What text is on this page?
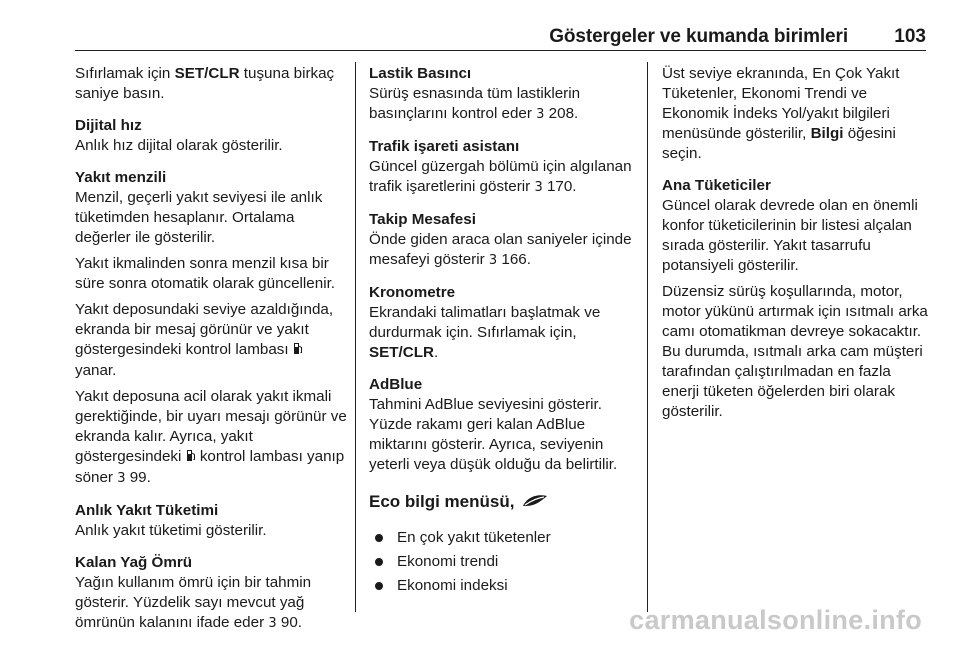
Göstergeler ve kumanda birimleri 103

Sıfırlamak için SET/CLR tuşuna birkaç saniye basın.

Dijital hız
Anlık hız dijital olarak gösterilir.

Yakıt menzili
Menzil, geçerli yakıt seviyesi ile anlık tüketimden hesaplanır. Ortalama değerler ile gösterilir.

Yakıt ikmalinden sonra menzil kısa bir süre sonra otomatik olarak güncellenir.

Yakıt deposundaki seviye azaldığında, ekranda bir mesaj görünür ve yakıt göstergesindeki kontrol lambası  yanar.

Yakıt deposuna acil olarak yakıt ikmali gerektiğinde, bir uyarı mesajı görünür ve ekranda kalır. Ayrıca, yakıt göstergesindeki  kontrol lambası yanıp söner 3 99.

Anlık Yakıt Tüketimi
Anlık yakıt tüketimi gösterilir.

Kalan Yağ Ömrü
Yağın kullanım ömrü için bir tahmin gösterir. Yüzdelik sayı mevcut yağ ömrünün kalanını ifade eder 3 90.

Lastik Basıncı
Sürüş esnasında tüm lastiklerin basınçlarını kontrol eder 3 208.

Trafik işareti asistanı
Güncel güzergah bölümü için algılanan trafik işaretlerini gösterir 3 170.

Takip Mesafesi
Önde giden araca olan saniyeler içinde mesafeyi gösterir 3 166.

Kronometre
Ekrandaki talimatları başlatmak ve durdurmak için. Sıfırlamak için, SET/CLR.

AdBlue
Tahmini AdBlue seviyesini gösterir. Yüzde rakamı geri kalan AdBlue miktarını gösterir. Ayrıca, seviyenin yeterli veya düşük olduğu da belirtilir.

Eco bilgi menüsü,
En çok yakıt tüketenler
Ekonomi trendi
Ekonomi indeksi

Üst seviye ekranında, En Çok Yakıt Tüketenler, Ekonomi Trendi ve Ekonomik İndeks Yol/yakıt bilgileri menüsünde gösterilir, Bilgi öğesini seçin.

Ana Tüketiciler
Güncel olarak devrede olan en önemli konfor tüketicilerinin bir listesi alçalan sırada gösterilir. Yakıt tasarrufu potansiyeli gösterilir.

Düzensiz sürüş koşullarında, motor, motor yükünü artırmak için ısıtmalı arka camı otomatikman devreye sokacaktır. Bu durumda, ısıtmalı arka cam müşteri tarafından çalıştırılmadan en fazla enerji tüketen öğelerden biri olarak gösterilir.

carmanualsonline.info
